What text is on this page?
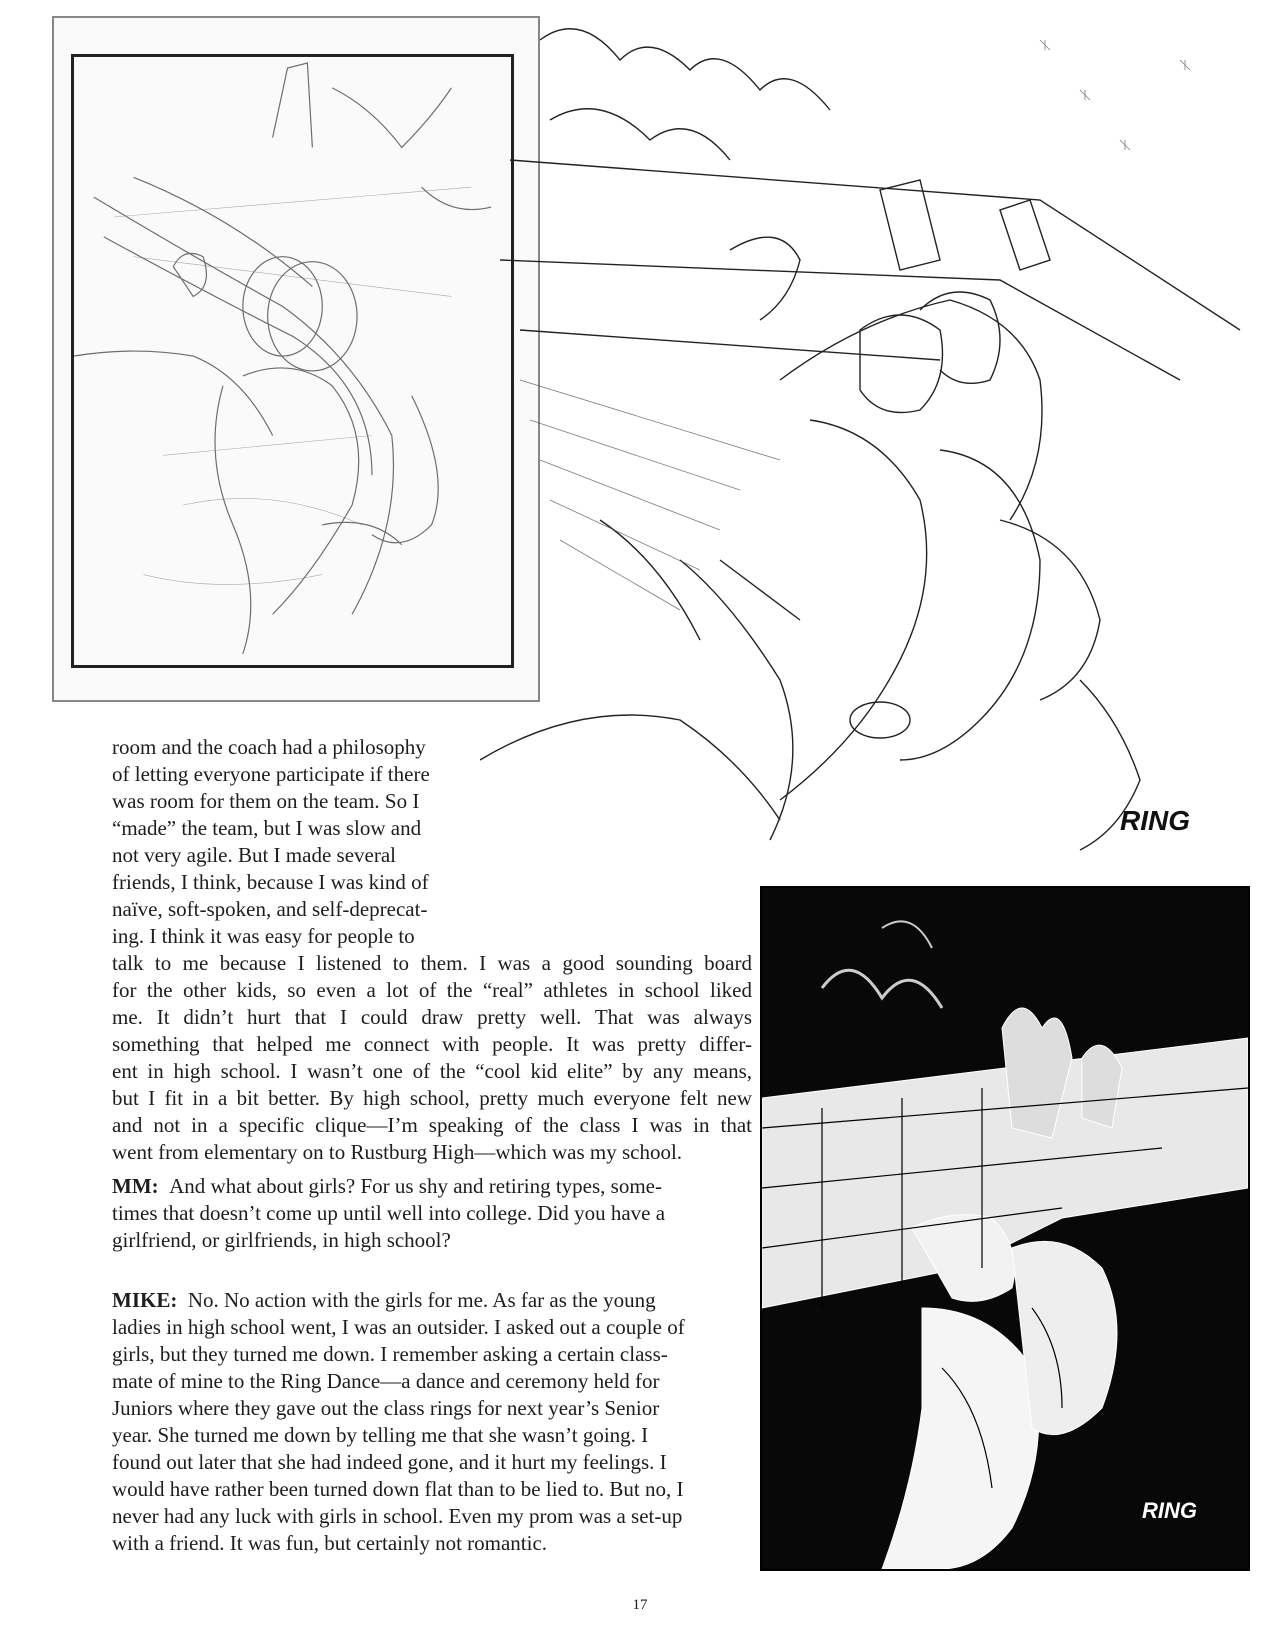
RING
RING
room and the coach had a philosophy
of letting everyone participate if there
was room for them on the team. So I
“made” the team, but I was slow and
not very agile. But I made several
friends, I think, because I was kind of
naïve, soft-spoken, and self-deprecat-
ing. I think it was easy for people to
talk to me because I listened to them. I was a good sounding board
for the other kids, so even a lot of the “real” athletes in school liked
me. It didn’t hurt that I could draw pretty well. That was always
something that helped me connect with people. It was pretty differ-
ent in high school. I wasn’t one of the “cool kid elite” by any means,
but I fit in a bit better. By high school, pretty much everyone felt new
and not in a specific clique—I’m speaking of the class I was in that
went from elementary on to Rustburg High—which was my school.
MM: And what about girls? For us shy and retiring types, some-
times that doesn’t come up until well into college. Did you have a
girlfriend, or girlfriends, in high school?
MIKE: No. No action with the girls for me. As far as the young
ladies in high school went, I was an outsider. I asked out a couple of
girls, but they turned me down. I remember asking a certain class-
mate of mine to the Ring Dance—a dance and ceremony held for
Juniors where they gave out the class rings for next year’s Senior
year. She turned me down by telling me that she wasn’t going. I
found out later that she had indeed gone, and it hurt my feelings. I
would have rather been turned down flat than to be lied to. But no, I
never had any luck with girls in school. Even my prom was a set-up
with a friend. It was fun, but certainly not romantic.
17
